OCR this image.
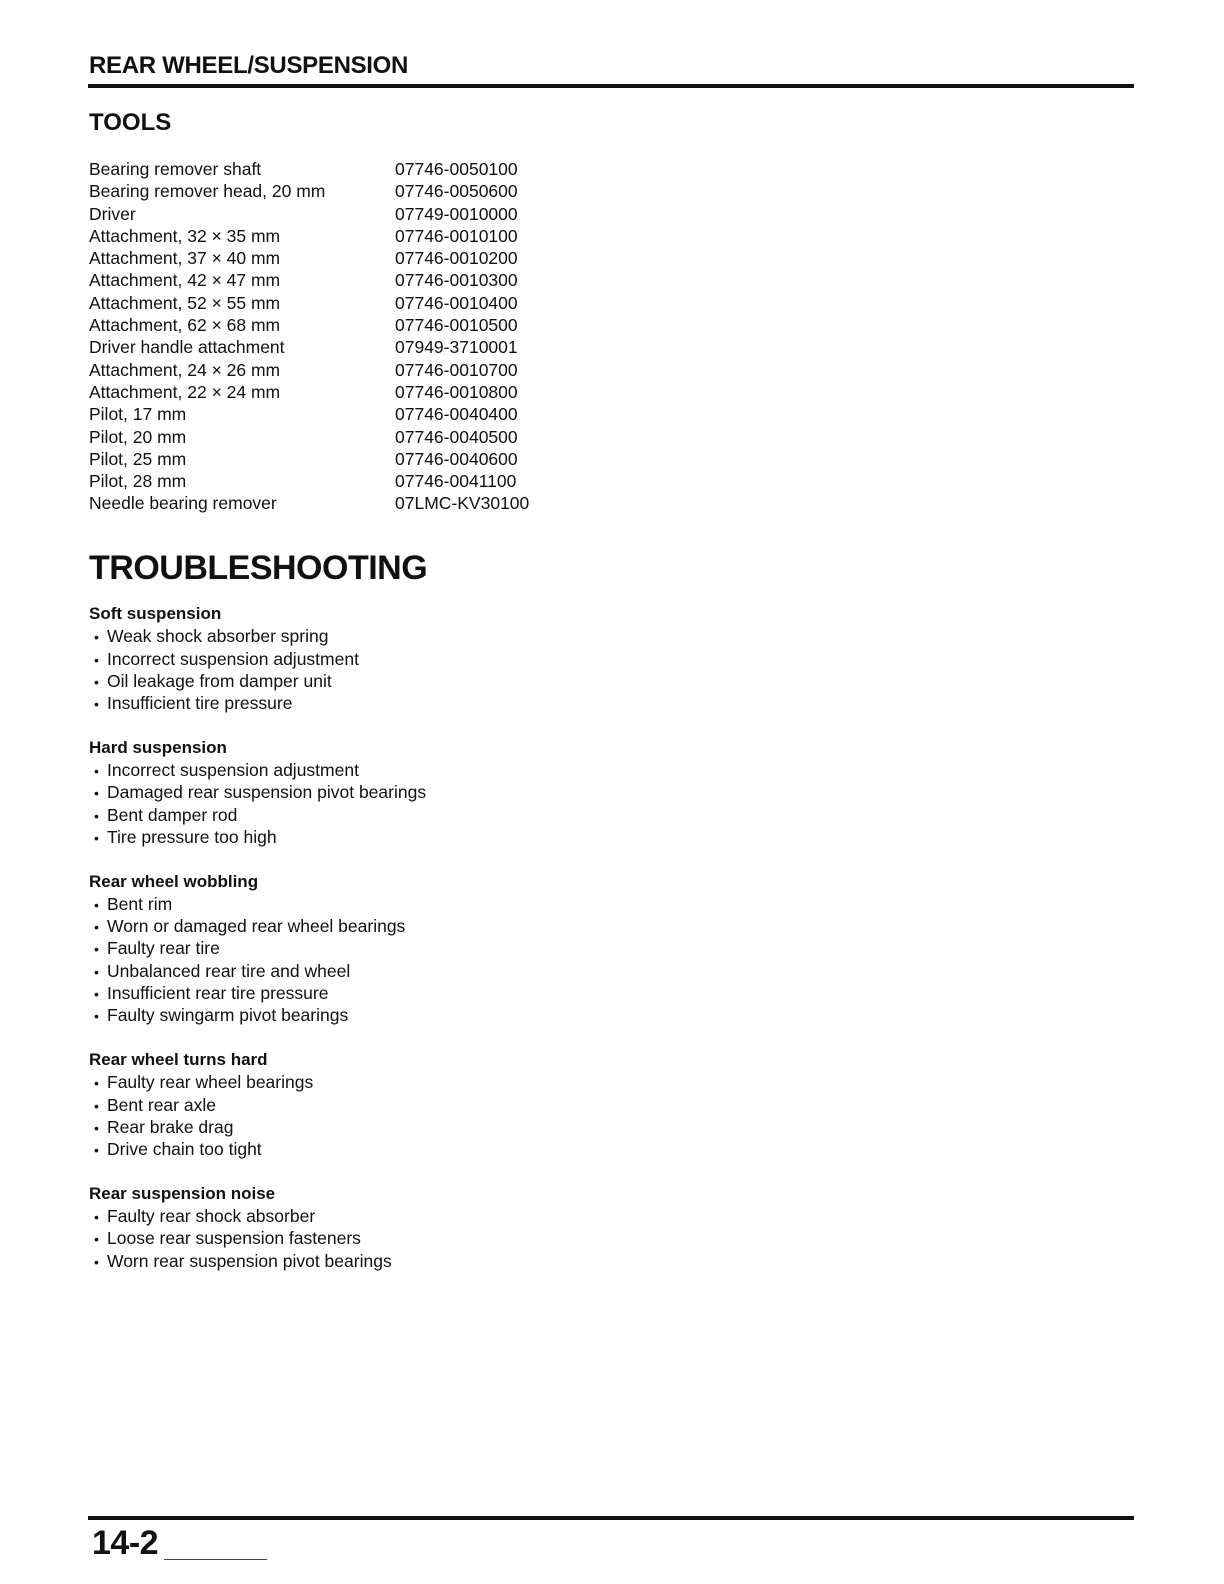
REAR WHEEL/SUSPENSION
TOOLS
Bearing remover shaft	07746-0050100
Bearing remover head, 20 mm	07746-0050600
Driver	07749-0010000
Attachment, 32 × 35 mm	07746-0010100
Attachment, 37 × 40 mm	07746-0010200
Attachment, 42 × 47 mm	07746-0010300
Attachment, 52 × 55 mm	07746-0010400
Attachment, 62 × 68 mm	07746-0010500
Driver handle attachment	07949-3710001
Attachment, 24 × 26 mm	07746-0010700
Attachment, 22 × 24 mm	07746-0010800
Pilot, 17 mm	07746-0040400
Pilot, 20 mm	07746-0040500
Pilot, 25 mm	07746-0040600
Pilot, 28 mm	07746-0041100
Needle bearing remover	07LMC-KV30100
TROUBLESHOOTING
Soft suspension
• Weak shock absorber spring
• Incorrect suspension adjustment
• Oil leakage from damper unit
• Insufficient tire pressure
Hard suspension
• Incorrect suspension adjustment
• Damaged rear suspension pivot bearings
• Bent damper rod
• Tire pressure too high
Rear wheel wobbling
• Bent rim
• Worn or damaged rear wheel bearings
• Faulty rear tire
• Unbalanced rear tire and wheel
• Insufficient rear tire pressure
• Faulty swingarm pivot bearings
Rear wheel turns hard
• Faulty rear wheel bearings
• Bent rear axle
• Rear brake drag
• Drive chain too tight
Rear suspension noise
• Faulty rear shock absorber
• Loose rear suspension fasteners
• Worn rear suspension pivot bearings
14-2
